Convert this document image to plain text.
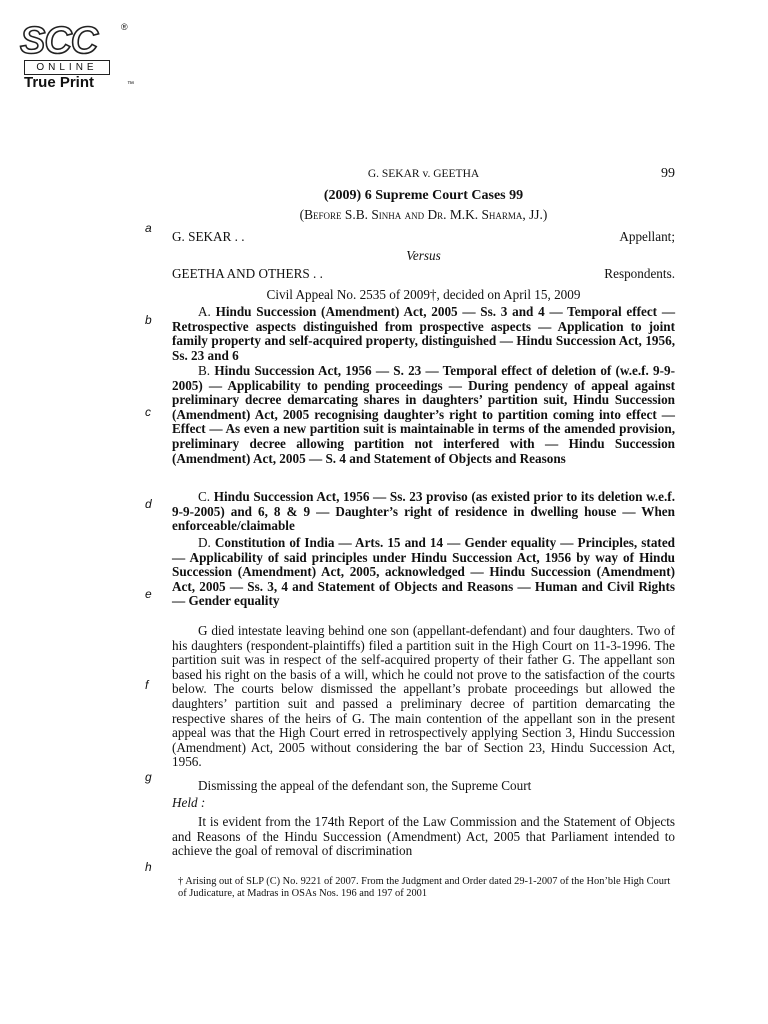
SCC	®
ONLINE
True Print	™
G. SEKAR v. GEETHA	99
(2009) 6 Supreme Court Cases 99
(Before S.B. Sinha and Dr. M.K. Sharma, JJ.)
G. SEKAR . .	Appellant;
Versus
GEETHA AND OTHERS . .	Respondents.
Civil Appeal No. 2535 of 2009†, decided on April 15, 2009
A. Hindu Succession (Amendment) Act, 2005 — Ss. 3 and 4 — Temporal effect — Retrospective aspects distinguished from prospective aspects — Application to joint family property and self-acquired property, distinguished — Hindu Succession Act, 1956, Ss. 23 and 6
B. Hindu Succession Act, 1956 — S. 23 — Temporal effect of deletion of (w.e.f. 9-9-2005) — Applicability to pending proceedings — During pendency of appeal against preliminary decree demarcating shares in daughters’ partition suit, Hindu Succession (Amendment) Act, 2005 recognising daughter’s right to partition coming into effect — Effect — As even a new partition suit is maintainable in terms of the amended provision, preliminary decree allowing partition not interfered with — Hindu Succession (Amendment) Act, 2005 — S. 4 and Statement of Objects and Reasons
C. Hindu Succession Act, 1956 — Ss. 23 proviso (as existed prior to its deletion w.e.f. 9-9-2005) and 6, 8 & 9 — Daughter’s right of residence in dwelling house — When enforceable/claimable
D. Constitution of India — Arts. 15 and 14 — Gender equality — Principles, stated — Applicability of said principles under Hindu Succession Act, 1956 by way of Hindu Succession (Amendment) Act, 2005, acknowledged — Hindu Succession (Amendment) Act, 2005 — Ss. 3, 4 and Statement of Objects and Reasons — Human and Civil Rights — Gender equality
G died intestate leaving behind one son (appellant-defendant) and four daughters. Two of his daughters (respondent-plaintiffs) filed a partition suit in the High Court on 11-3-1996. The partition suit was in respect of the self-acquired property of their father G. The appellant son based his right on the basis of a will, which he could not prove to the satisfaction of the courts below. The courts below dismissed the appellant’s probate proceedings but allowed the daughters’ partition suit and passed a preliminary decree of partition demarcating the respective shares of the heirs of G. The main contention of the appellant son in the present appeal was that the High Court erred in retrospectively applying Section 3, Hindu Succession (Amendment) Act, 2005 without considering the bar of Section 23, Hindu Succession Act, 1956.
Dismissing the appeal of the defendant son, the Supreme Court
Held :
It is evident from the 174th Report of the Law Commission and the Statement of Objects and Reasons of the Hindu Succession (Amendment) Act, 2005 that Parliament intended to achieve the goal of removal of discrimination
† Arising out of SLP (C) No. 9221 of 2007. From the Judgment and Order dated 29-1-2007 of the Hon’ble High Court of Judicature, at Madras in OSAs Nos. 196 and 197 of 2001
a
b
c
d
e
f
g
h
